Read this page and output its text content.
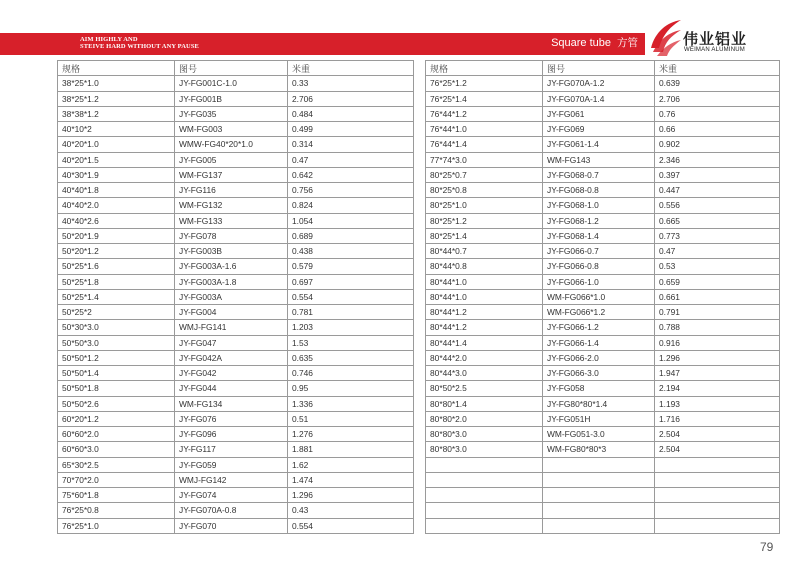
AIM HIGHLY AND
STEIVE HARD WITHOUT ANY PAUSE	Square tube 方管	伟业铝业
WEIMAN ALUMINUM
规格	图号	米重
38*25*1.0	JY-FG001C-1.0	0.33
38*25*1.2	JY-FG001B	2.706
38*38*1.2	JY-FG035	0.484
40*10*2	WM-FG003	0.499
40*20*1.0	WMW-FG40*20*1.0	0.314
40*20*1.5	JY-FG005	0.47
40*30*1.9	WM-FG137	0.642
40*40*1.8	JY-FG116	0.756
40*40*2.0	WM-FG132	0.824
40*40*2.6	WM-FG133	1.054
50*20*1.9	JY-FG078	0.689
50*20*1.2	JY-FG003B	0.438
50*25*1.6	JY-FG003A-1.6	0.579
50*25*1.8	JY-FG003A-1.8	0.697
50*25*1.4	JY-FG003A	0.554
50*25*2	JY-FG004	0.781
50*30*3.0	WMJ-FG141	1.203
50*50*3.0	JY-FG047	1.53
50*50*1.2	JY-FG042A	0.635
50*50*1.4	JY-FG042	0.746
50*50*1.8	JY-FG044	0.95
50*50*2.6	WM-FG134	1.336
60*20*1.2	JY-FG076	0.51
60*60*2.0	JY-FG096	1.276
60*60*3.0	JY-FG117	1.881
65*30*2.5	JY-FG059	1.62
70*70*2.0	WMJ-FG142	1.474
75*60*1.8	JY-FG074	1.296
76*25*0.8	JY-FG070A-0.8	0.43
76*25*1.0	JY-FG070	0.554
规格	图号	米重
76*25*1.2	JY-FG070A-1.2	0.639
76*25*1.4	JY-FG070A-1.4	2.706
76*44*1.2	JY-FG061	0.76
76*44*1.0	JY-FG069	0.66
76*44*1.4	JY-FG061-1.4	0.902
77*74*3.0	WM-FG143	2.346
80*25*0.7	JY-FG068-0.7	0.397
80*25*0.8	JY-FG068-0.8	0.447
80*25*1.0	JY-FG068-1.0	0.556
80*25*1.2	JY-FG068-1.2	0.665
80*25*1.4	JY-FG068-1.4	0.773
80*44*0.7	JY-FG066-0.7	0.47
80*44*0.8	JY-FG066-0.8	0.53
80*44*1.0	JY-FG066-1.0	0.659
80*44*1.0	WM-FG066*1.0	0.661
80*44*1.2	WM-FG066*1.2	0.791
80*44*1.2	JY-FG066-1.2	0.788
80*44*1.4	JY-FG066-1.4	0.916
80*44*2.0	JY-FG066-2.0	1.296
80*44*3.0	JY-FG066-3.0	1.947
80*50*2.5	JY-FG058	2.194
80*80*1.4	JY-FG80*80*1.4	1.193
80*80*2.0	JY-FG051H	1.716
80*80*3.0	WM-FG051-3.0	2.504
80*80*3.0	WM-FG80*80*3	2.504

79
